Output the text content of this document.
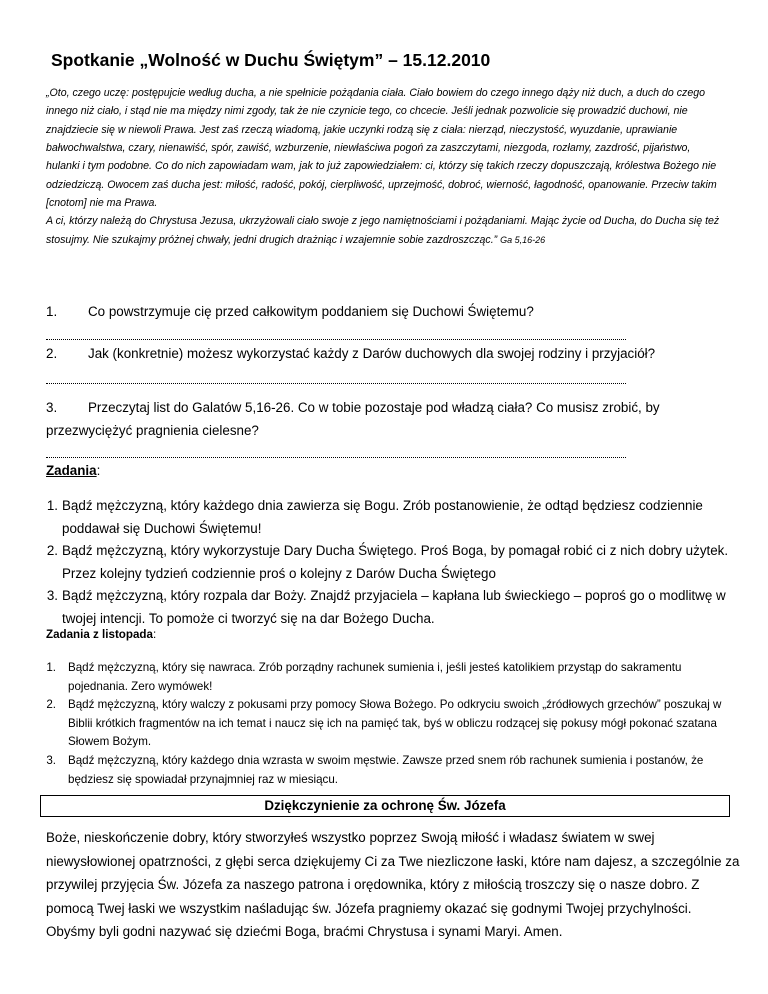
Spotkanie „Wolność w Duchu Świętym” – 15.12.2010

„Oto, czego uczę: postępujcie według ducha, a nie spełnicie pożądania ciała. Ciało bowiem do czego innego dąży niż duch, a duch do czego innego niż ciało, i stąd nie ma między nimi zgody, tak że nie czynicie tego, co chcecie. Jeśli jednak pozwolicie się prowadzić duchowi, nie znajdziecie się w niewoli Prawa. Jest zaś rzeczą wiadomą, jakie uczynki rodzą się z ciała: nierząd, nieczystość, wyuzdanie, uprawianie bałwochwalstwa, czary, nienawiść, spór, zawiść, wzburzenie, niewłaściwa pogoń za zaszczytami, niezgoda, rozłamy, zazdrość, pijaństwo, hulanki i tym podobne. Co do nich zapowiadam wam, jak to już zapowiedziałem: ci, którzy się takich rzeczy dopuszczają, królestwa Bożego nie odziedziczą. Owocem zaś ducha jest: miłość, radość, pokój, cierpliwość, uprzejmość, dobroć, wierność, łagodność, opanowanie. Przeciw takim [cnotom] nie ma Prawa.

A ci, którzy należą do Chrystusa Jezusa, ukrzyżowali ciało swoje z jego namiętnościami i pożądaniami. Mając życie od Ducha, do Ducha się też stosujmy. Nie szukajmy próżnej chwały, jedni drugich drażniąc i wzajemnie sobie zazdroszcząc.” Ga 5,16-26

1. Co powstrzymuje cię przed całkowitym poddaniem się Duchowi Świętemu?
2. Jak (konkretnie) możesz wykorzystać każdy z Darów duchowych dla swojej rodziny i przyjaciół?
3. Przeczytaj list do Galatów 5,16-26. Co w tobie pozostaje pod władzą ciała? Co musisz zrobić, by przezwyciężyć pragnienia cielesne?
Zadania:
1. Bądź mężczyzną, który każdego dnia zawierza się Bogu. Zrób postanowienie, że odtąd będziesz codziennie poddawał się Duchowi Świętemu!
2. Bądź mężczyzną, który wykorzystuje Dary Ducha Świętego. Proś Boga, by pomagał robić ci z nich dobry użytek. Przez kolejny tydzień codziennie proś o kolejny z Darów Ducha Świętego
3. Bądź mężczyzną, który rozpala dar Boży. Znajdź przyjaciela – kapłana lub świeckiego – poproś go o modlitwę w twojej intencji. To pomoże ci tworzyć się na dar Bożego Ducha.
Zadania z listopada:
1. Bądź mężczyzną, który się nawraca. Zrób porządny rachunek sumienia i, jeśli jesteś katolikiem przystąp do sakramentu pojednania. Zero wymówek!
2. Bądź mężczyzną, który walczy z pokusami przy pomocy Słowa Bożego. Po odkryciu swoich „źródłowych grzechów” poszukaj w Biblii krótkich fragmentów na ich temat i naucz się ich na pamięć tak, byś w obliczu rodzącej się pokusy mógł pokonać szatana Słowem Bożym.
3. Bądź mężczyzną, który każdego dnia wzrasta w swoim męstwie. Zawsze przed snem rób rachunek sumienia i postanów, że będziesz się spowiadał przynajmniej raz w miesiącu.
Dziękczynienie za ochronę Św. Józefa

Boże, nieskończenie dobry, który stworzyłeś wszystko poprzez Swoją miłość i władasz światem w swej niewysłowionej opatrzności, z głębi serca dziękujemy Ci za Twe niezliczone łaski, które nam dajesz, a szczególnie za przywilej przyjęcia Św. Józefa za naszego patrona i orędownika, który z miłością troszczy się o nasze dobro. Z pomocą Twej łaski we wszystkim naśladując św. Józefa pragniemy okazać się godnymi Twojej przychylności. Obyśmy byli godni nazywać się dziećmi Boga, braćmi Chrystusa i synami Maryi. Amen.
